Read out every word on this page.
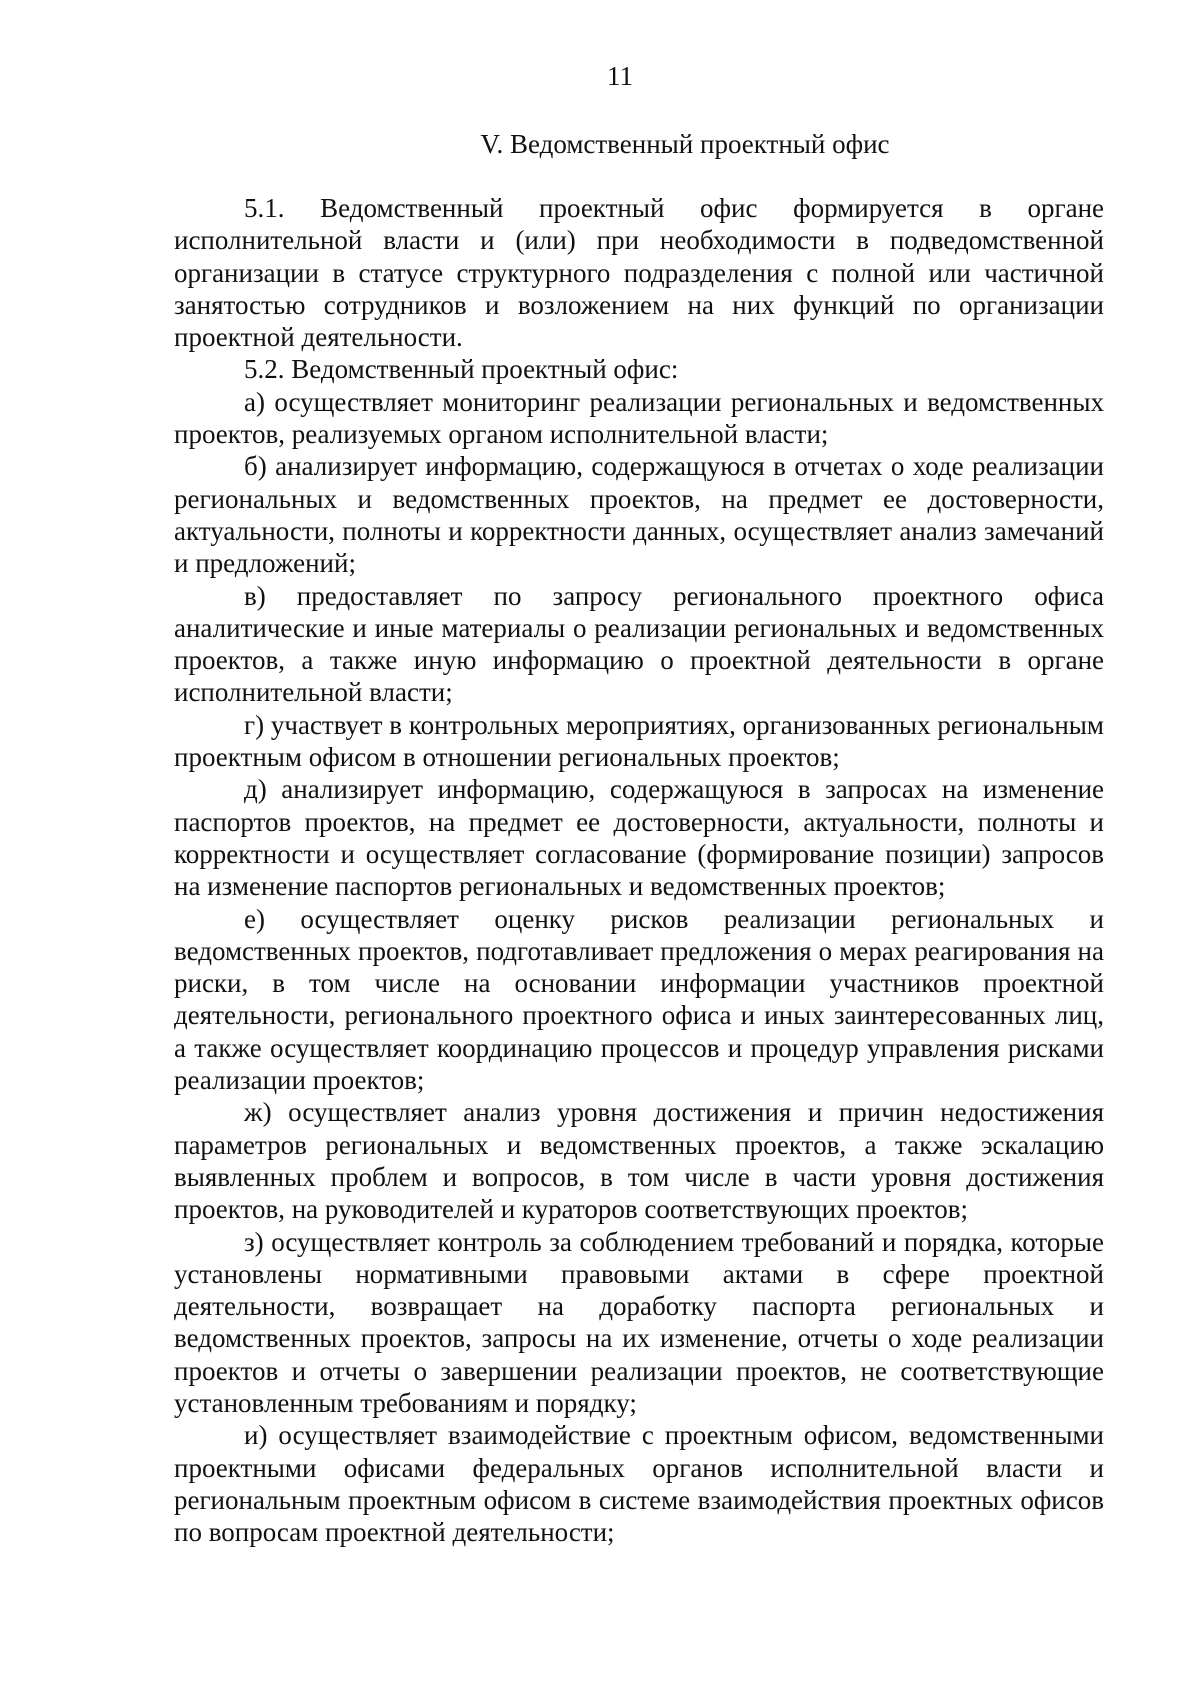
11
V. Ведомственный проектный офис

5.1. Ведомственный проектный офис формируется в органе исполнительной власти и (или) при необходимости в подведомственной организации в статусе структурного подразделения с полной или частичной занятостью сотрудников и возложением на них функций по организации проектной деятельности.

5.2. Ведомственный проектный офис:

а) осуществляет мониторинг реализации региональных и ведомственных проектов, реализуемых органом исполнительной власти;

б) анализирует информацию, содержащуюся в отчетах о ходе реализации региональных и ведомственных проектов, на предмет ее достоверности, актуальности, полноты и корректности данных, осуществляет анализ замечаний и предложений;

в) предоставляет по запросу регионального проектного офиса аналитические и иные материалы о реализации региональных и ведомственных проектов, а также иную информацию о проектной деятельности в органе исполнительной власти;

г) участвует в контрольных мероприятиях, организованных региональным проектным офисом в отношении региональных проектов;

д) анализирует информацию, содержащуюся в запросах на изменение паспортов проектов, на предмет ее достоверности, актуальности, полноты и корректности и осуществляет согласование (формирование позиции) запросов на изменение паспортов региональных и ведомственных проектов;

е) осуществляет оценку рисков реализации региональных и ведомственных проектов, подготавливает предложения о мерах реагирования на риски, в том числе на основании информации участников проектной деятельности, регионального проектного офиса и иных заинтересованных лиц, а также осуществляет координацию процессов и процедур управления рисками реализации проектов;

ж) осуществляет анализ уровня достижения и причин недостижения параметров региональных и ведомственных проектов, а также эскалацию выявленных проблем и вопросов, в том числе в части уровня достижения проектов, на руководителей и кураторов соответствующих проектов;

з) осуществляет контроль за соблюдением требований и порядка, которые установлены нормативными правовыми актами в сфере проектной деятельности, возвращает на доработку паспорта региональных и ведомственных проектов, запросы на их изменение, отчеты о ходе реализации проектов и отчеты о завершении реализации проектов, не соответствующие установленным требованиям и порядку;

и) осуществляет взаимодействие с проектным офисом, ведомственными проектными офисами федеральных органов исполнительной власти и региональным проектным офисом в системе взаимодействия проектных офисов по вопросам проектной деятельности;
